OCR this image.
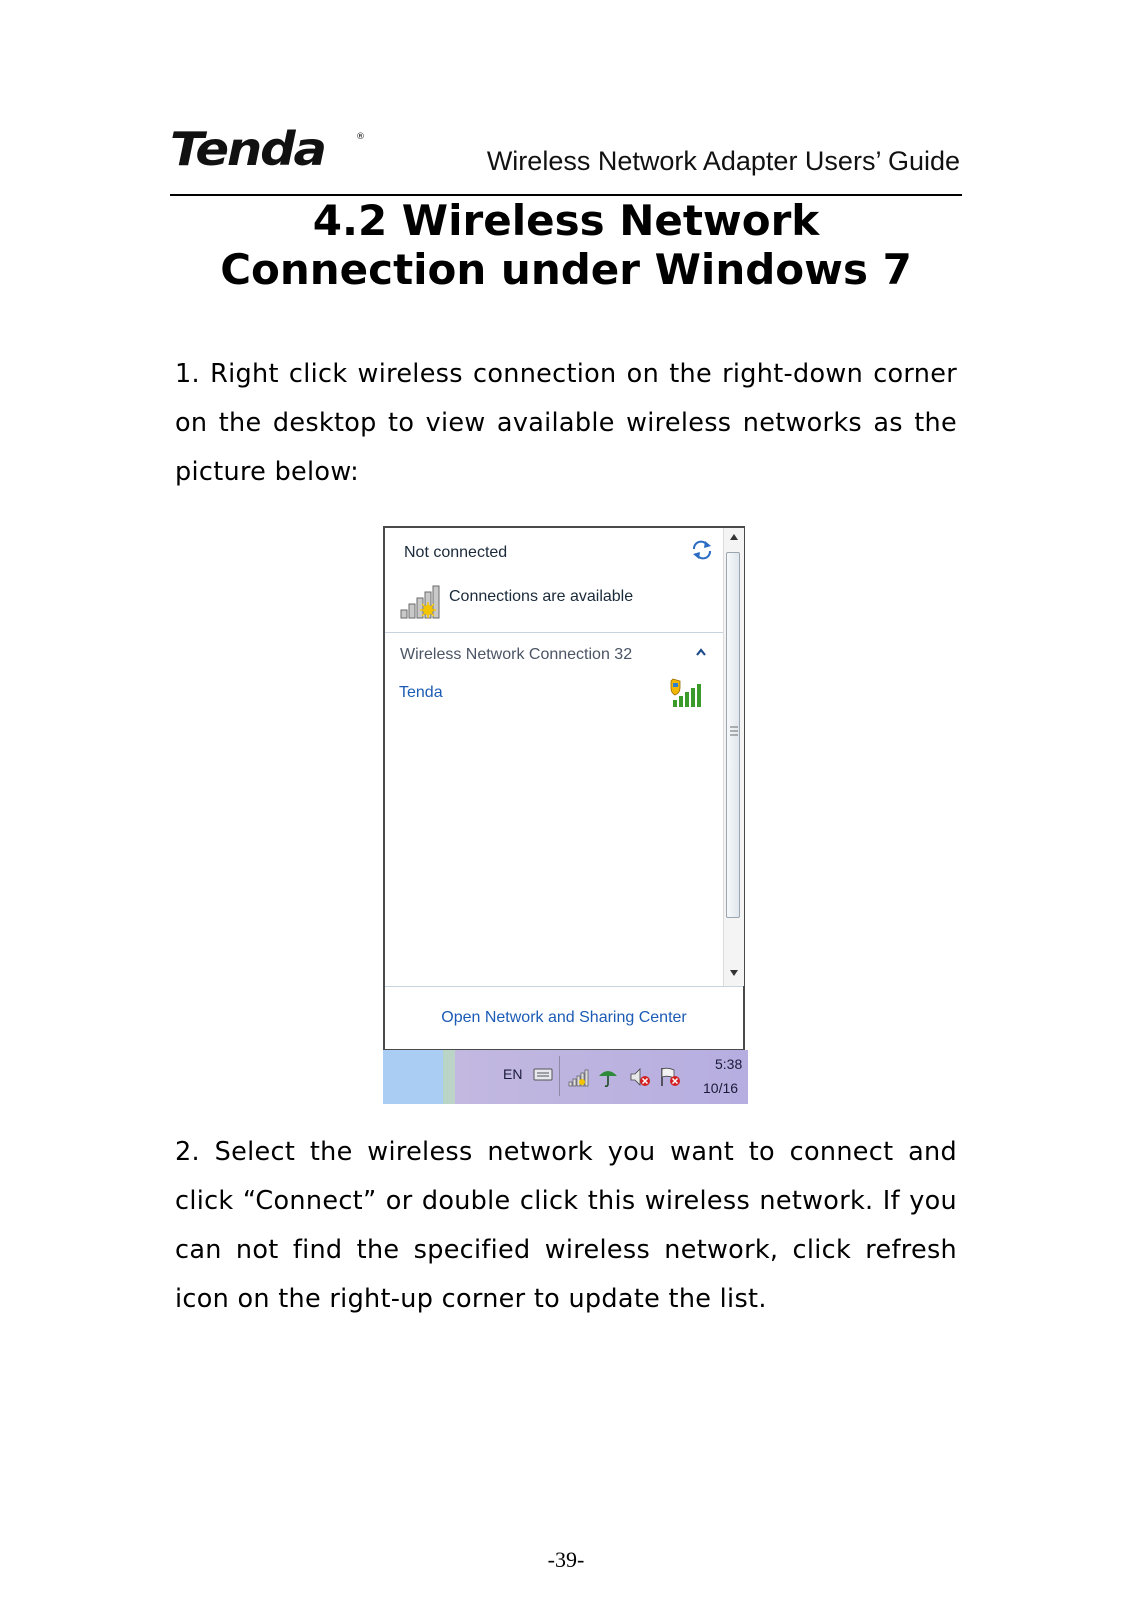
Tenda	®
Wireless Network Adapter Users’ Guide
4.2 Wireless Network
Connection under Windows 7
1. Right click wireless connection on the right-down corner on the desktop to view available wireless networks as the picture below:
Not connected
Connections are available
Wireless Network Connection 32
Tenda
Open Network and Sharing Center
EN
5:38
10/16
2. Select the wireless network you want to connect and click “Connect” or double click this wireless network. If you can not find the specified wireless network, click refresh icon on the right-up corner to update the list.
-39-
